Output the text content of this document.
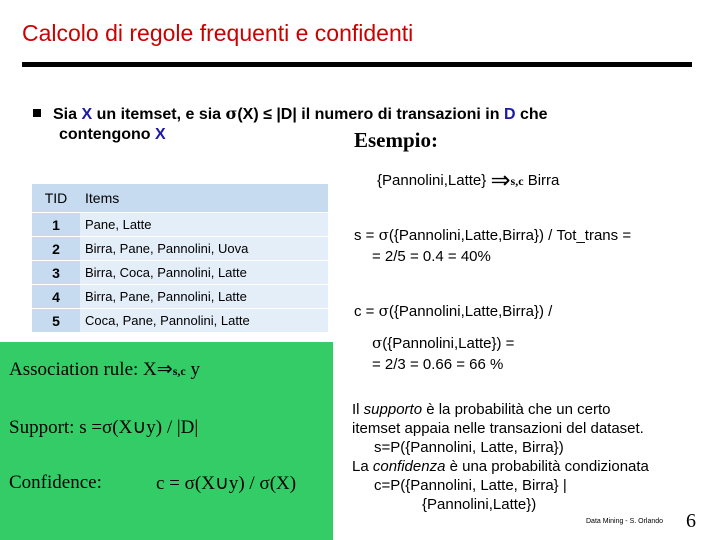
Calcolo di regole frequenti e confidenti
Sia X un itemset, e sia σ(X) ≤ |D| il numero di transazioni in D che
contengono X	Esempio:
TID	Items
1	Pane, Latte
2	Birra, Pane, Pannolini, Uova
3	Birra, Coca, Pannolini, Latte
4	Birra, Pane, Pannolini, Latte
5	Coca, Pane, Pannolini, Latte
{Pannolini,Latte} ⇒s,c Birra
s = σ({Pannolini,Latte,Birra}) / Tot_trans =
= 2/5 = 0.4 = 40%
c = σ({Pannolini,Latte,Birra}) /
σ({Pannolini,Latte}) =
= 2/3 = 0.66 = 66 %
Association rule: X⇒s,c y
Support: s =σ(X∪y) / |D|
Confidence:	c = σ(X∪y) / σ(X)
Il supporto è la probabilità che un certo
itemset appaia nelle transazioni del dataset.
s=P({Pannolini, Latte, Birra})
La confidenza è una probabilità condizionata
c=P({Pannolini, Latte, Birra} |
{Pannolini,Latte})
Data Mining - S. Orlando 6
